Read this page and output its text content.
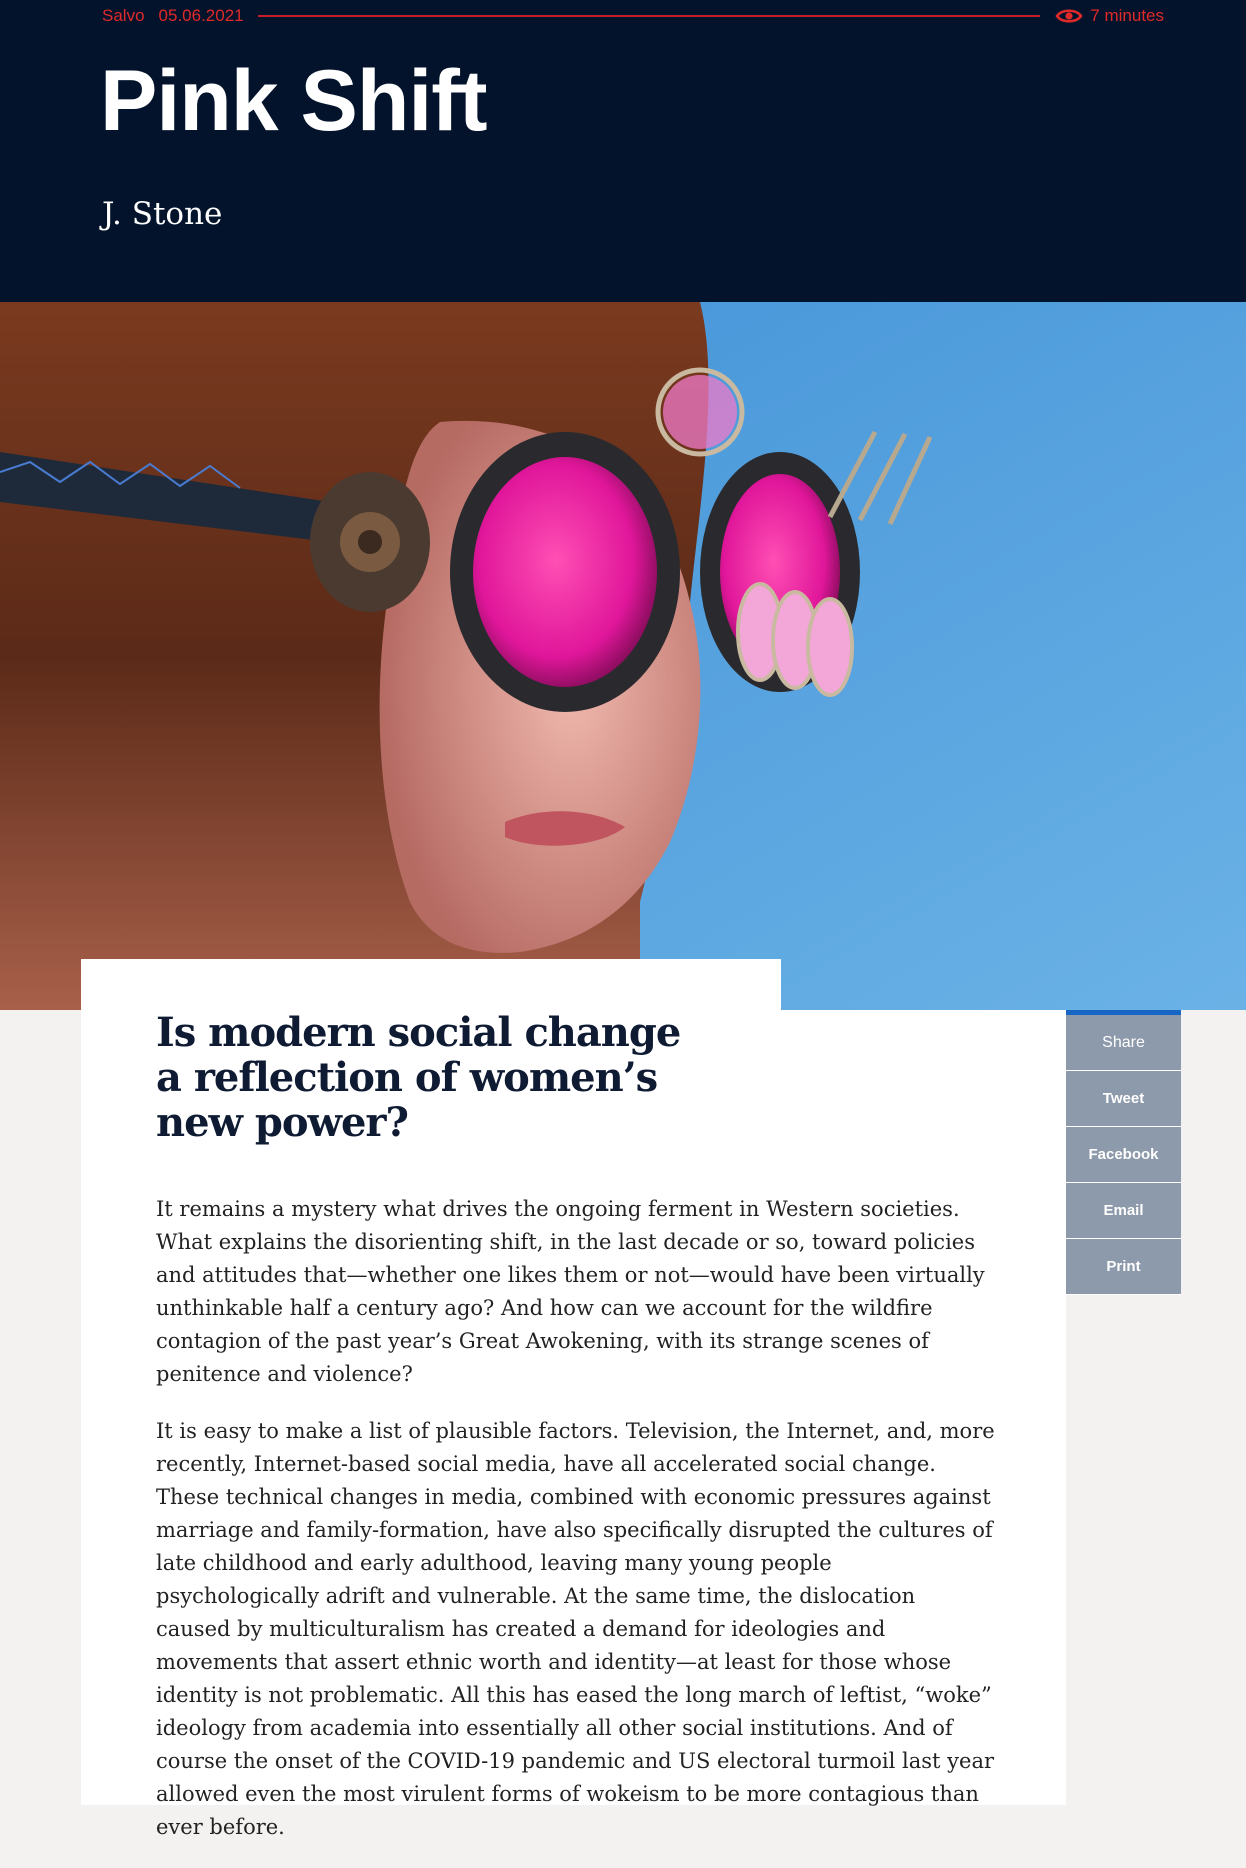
Salvo 05.06.2021	7 minutes
Pink Shift
J. Stone
Is modern social change a reflection of women’s new power?

It remains a mystery what drives the ongoing ferment in Western societies. What explains the disorienting shift, in the last decade or so, toward policies and attitudes that—whether one likes them or not—would have been virtually unthinkable half a century ago? And how can we account for the wildfire contagion of the past year’s Great Awokening, with its strange scenes of penitence and violence?

It is easy to make a list of plausible factors. Television, the Internet, and, more recently, Internet-based social media, have all accelerated social change. These technical changes in media, combined with economic pressures against marriage and family-formation, have also specifically disrupted the cultures of late childhood and early adulthood, leaving many young people psychologically adrift and vulnerable. At the same time, the dislocation caused by multiculturalism has created a demand for ideologies and movements that assert ethnic worth and identity—at least for those whose identity is not problematic. All this has eased the long march of leftist, “woke” ideology from academia into essentially all other social institutions. And of course the onset of the COVID-19 pandemic and US electoral turmoil last year allowed even the most virulent forms of wokeism to be more contagious than ever before.

Share
Tweet
Facebook
Email
Print
